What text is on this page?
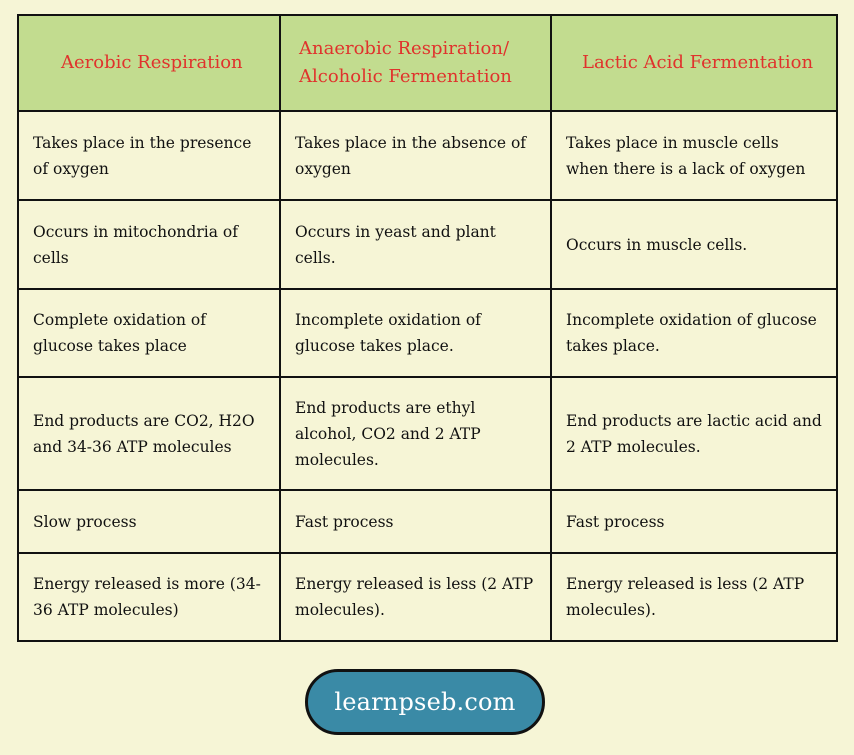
Aerobic Respiration	Anaerobic Respiration/ Alcoholic Fermentation	Lactic Acid Fermentation
Takes place in the presence of oxygen	Takes place in the absence of oxygen	Takes place in muscle cells when there is a lack of oxygen
Occurs in mitochondria of cells	Occurs in yeast and plant cells.	Occurs in muscle cells.
Complete oxidation of glucose takes place	Incomplete oxidation of glucose takes place.	Incomplete oxidation of glucose takes place.
End products are CO2, H2O and 34-36 ATP molecules	End products are ethyl alcohol, CO2 and 2 ATP molecules.	End products are lactic acid and 2 ATP molecules.
Slow process	Fast process	Fast process
Energy released is more (34-36 ATP molecules)	Energy released is less (2 ATP molecules).	Energy released is less (2 ATP molecules).
learnpseb.com
